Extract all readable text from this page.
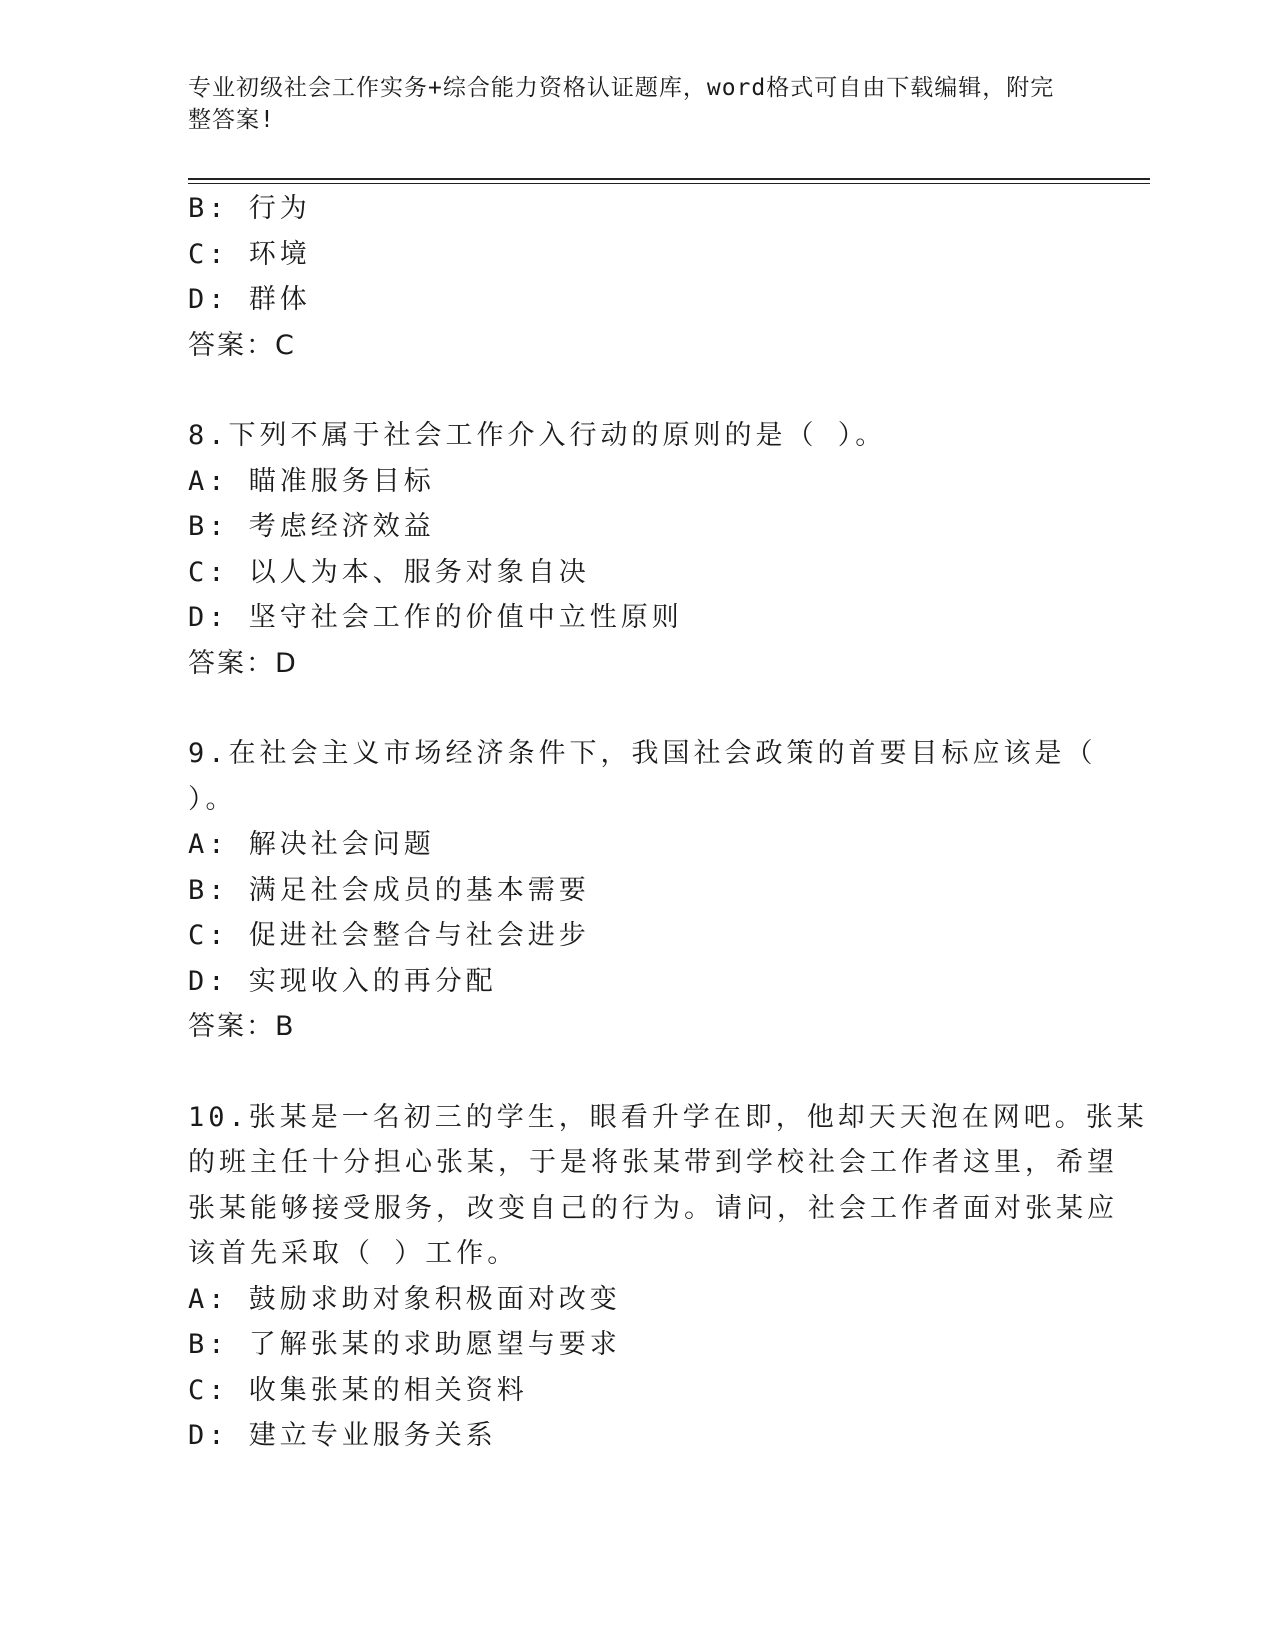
专业初级社会工作实务+综合能力资格认证题库，word格式可自由下载编辑，附完
整答案!
B: 行为
C: 环境
D: 群体
答案：C
8.下列不属于社会工作介入行动的原则的是（ ）。
A: 瞄准服务目标
B: 考虑经济效益
C: 以人为本、服务对象自决
D: 坚守社会工作的价值中立性原则
答案：D
9.在社会主义市场经济条件下，我国社会政策的首要目标应该是（
）。
A: 解决社会问题
B: 满足社会成员的基本需要
C: 促进社会整合与社会进步
D: 实现收入的再分配
答案：B
10.张某是一名初三的学生，眼看升学在即，他却天天泡在网吧。张某
的班主任十分担心张某，于是将张某带到学校社会工作者这里，希望
张某能够接受服务，改变自己的行为。请问，社会工作者面对张某应
该首先采取（ ）工作。
A: 鼓励求助对象积极面对改变
B: 了解张某的求助愿望与要求
C: 收集张某的相关资料
D: 建立专业服务关系
